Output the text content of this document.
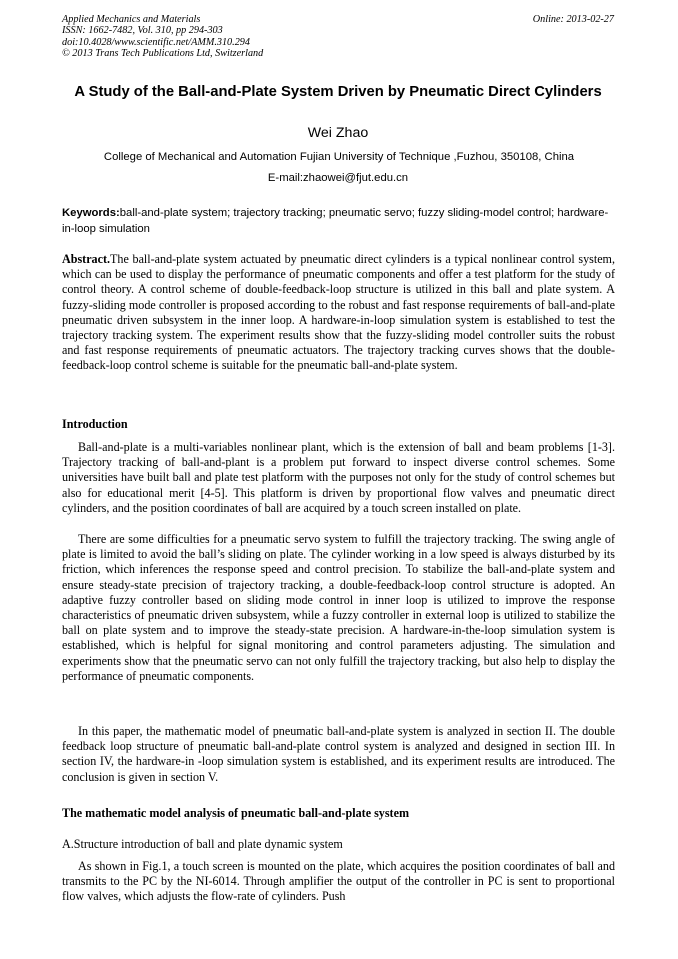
Applied Mechanics and Materials
ISSN: 1662-7482, Vol. 310, pp 294-303
doi:10.4028/www.scientific.net/AMM.310.294
© 2013 Trans Tech Publications Ltd, Switzerland
Online: 2013-02-27
A Study of the Ball-and-Plate System Driven by Pneumatic Direct Cylinders
Wei Zhao
College of Mechanical and Automation Fujian University of Technique ,Fuzhou, 350108, China
E-mail:zhaowei@fjut.edu.cn
Keywords:ball-and-plate system; trajectory tracking; pneumatic servo; fuzzy sliding-model control; hardware-in-loop simulation
Abstract.The ball-and-plate system actuated by pneumatic direct cylinders is a typical nonlinear control system, which can be used to display the performance of pneumatic components and offer a test platform for the study of control theory. A control scheme of double-feedback-loop structure is utilized in this ball and plate system. A fuzzy-sliding mode controller is proposed according to the robust and fast response requirements of ball-and-plate pneumatic driven subsystem in the inner loop. A hardware-in-loop simulation system is established to test the trajectory tracking system. The experiment results show that the fuzzy-sliding model controller suits the robust and fast response requirements of pneumatic actuators. The trajectory tracking curves shows that the double-feedback-loop control scheme is suitable for the pneumatic ball-and-plate system.
Introduction
Ball-and-plate is a multi-variables nonlinear plant, which is the extension of ball and beam problems [1-3]. Trajectory tracking of ball-and-plant is a problem put forward to inspect diverse control schemes. Some universities have built ball and plate test platform with the purposes not only for the study of control schemes but also for educational merit [4-5]. This platform is driven by proportional flow valves and pneumatic direct cylinders, and the position coordinates of ball are acquired by a touch screen installed on plate.
There are some difficulties for a pneumatic servo system to fulfill the trajectory tracking. The swing angle of plate is limited to avoid the ball’s sliding on plate. The cylinder working in a low speed is always disturbed by its friction, which inferences the response speed and control precision. To stabilize the ball-and-plate system and ensure steady-state precision of trajectory tracking, a double-feedback-loop control structure is adopted. An adaptive fuzzy controller based on sliding mode control in inner loop is utilized to improve the response characteristics of pneumatic driven subsystem, while a fuzzy controller in external loop is utilized to stabilize the ball on plate system and to improve the steady-state precision. A hardware-in-the-loop simulation system is established, which is helpful for signal monitoring and control parameters adjusting. The simulation and experiments show that the pneumatic servo can not only fulfill the trajectory tracking, but also help to display the performance of pneumatic components.
In this paper, the mathematic model of pneumatic ball-and-plate system is analyzed in section II. The double feedback loop structure of pneumatic ball-and-plate control system is analyzed and designed in section III. In section IV, the hardware-in -loop simulation system is established, and its experiment results are introduced. The conclusion is given in section V.
The mathematic model analysis of pneumatic ball-and-plate system
A.Structure introduction of ball and plate dynamic system
As shown in Fig.1, a touch screen is mounted on the plate, which acquires the position coordinates of ball and transmits to the PC by the NI-6014. Through amplifier the output of the controller in PC is sent to proportional flow valves, which adjusts the flow-rate of cylinders. Push
